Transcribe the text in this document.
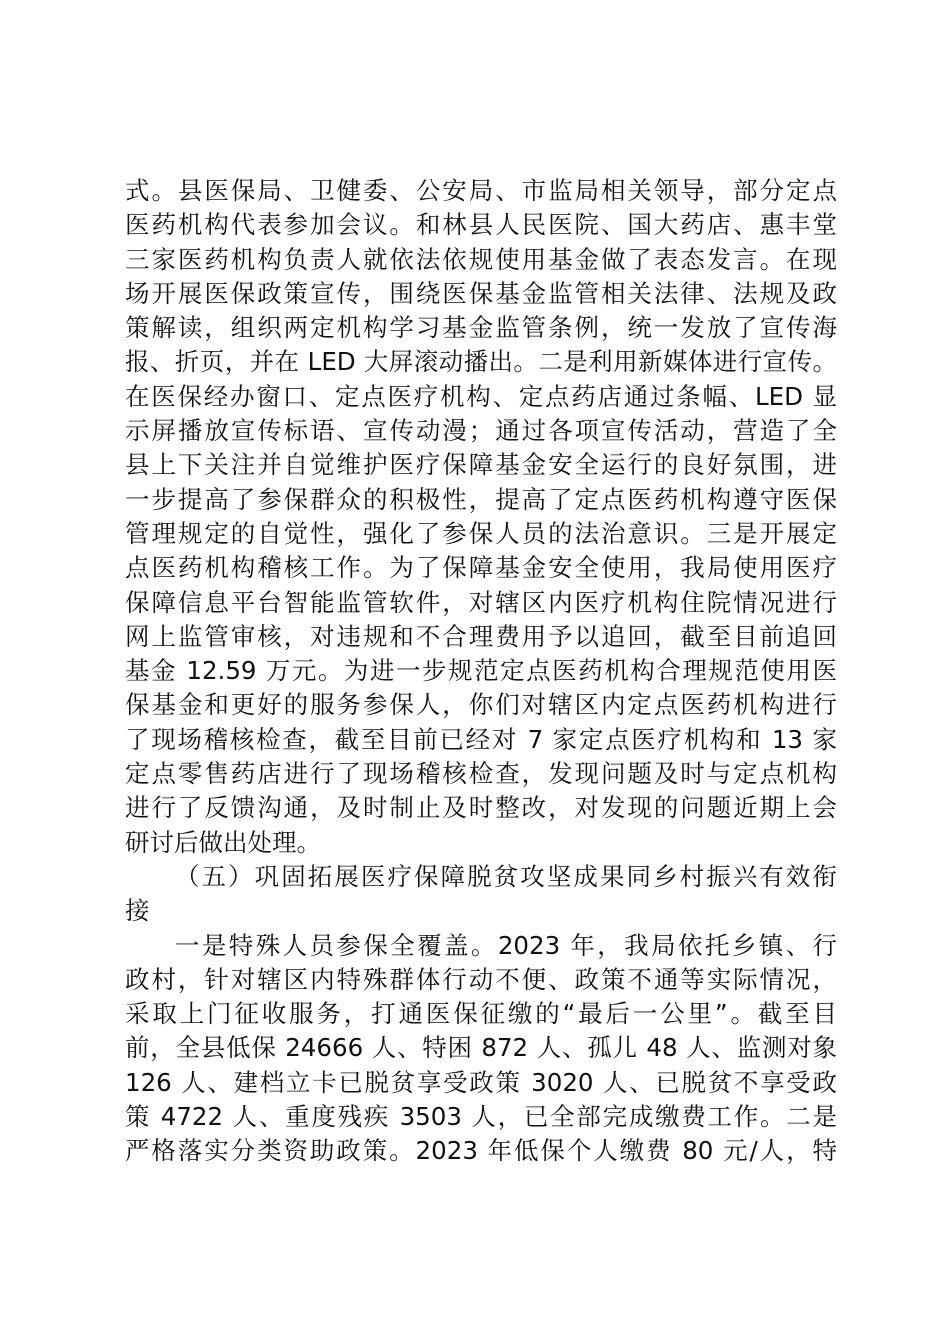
式。县医保局、卫健委、公安局、市监局相关领导，部分定点
医药机构代表参加会议。和林县人民医院、国大药店、惠丰堂
三家医药机构负责人就依法依规使用基金做了表态发言。在现
场开展医保政策宣传，围绕医保基金监管相关法律、法规及政
策解读，组织两定机构学习基金监管条例，统一发放了宣传海
报、折页，并在 LED 大屏滚动播出。二是利用新媒体进行宣传。
在医保经办窗口、定点医疗机构、定点药店通过条幅、LED 显
示屏播放宣传标语、宣传动漫；通过各项宣传活动，营造了全
县上下关注并自觉维护医疗保障基金安全运行的良好氛围，进
一步提高了参保群众的积极性，提高了定点医药机构遵守医保
管理规定的自觉性，强化了参保人员的法治意识。三是开展定
点医药机构稽核工作。为了保障基金安全使用，我局使用医疗
保障信息平台智能监管软件，对辖区内医疗机构住院情况进行
网上监管审核，对违规和不合理费用予以追回，截至目前追回
基金 12.59 万元。为进一步规范定点医药机构合理规范使用医
保基金和更好的服务参保人，你们对辖区内定点医药机构进行
了现场稽核检查，截至目前已经对 7 家定点医疗机构和 13 家
定点零售药店进行了现场稽核检查，发现问题及时与定点机构
进行了反馈沟通，及时制止及时整改，对发现的问题近期上会
研讨后做出处理。
（五）巩固拓展医疗保障脱贫攻坚成果同乡村振兴有效衔
接
一是特殊人员参保全覆盖。2023 年，我局依托乡镇、行
政村，针对辖区内特殊群体行动不便、政策不通等实际情况，
采取上门征收服务，打通医保征缴的“最后一公里”。截至目
前，全县低保 24666 人、特困 872 人、孤儿 48 人、监测对象
126 人、建档立卡已脱贫享受政策 3020 人、已脱贫不享受政
策 4722 人、重度残疾 3503 人，已全部完成缴费工作。二是
严格落实分类资助政策。2023 年低保个人缴费 80 元/人，特
